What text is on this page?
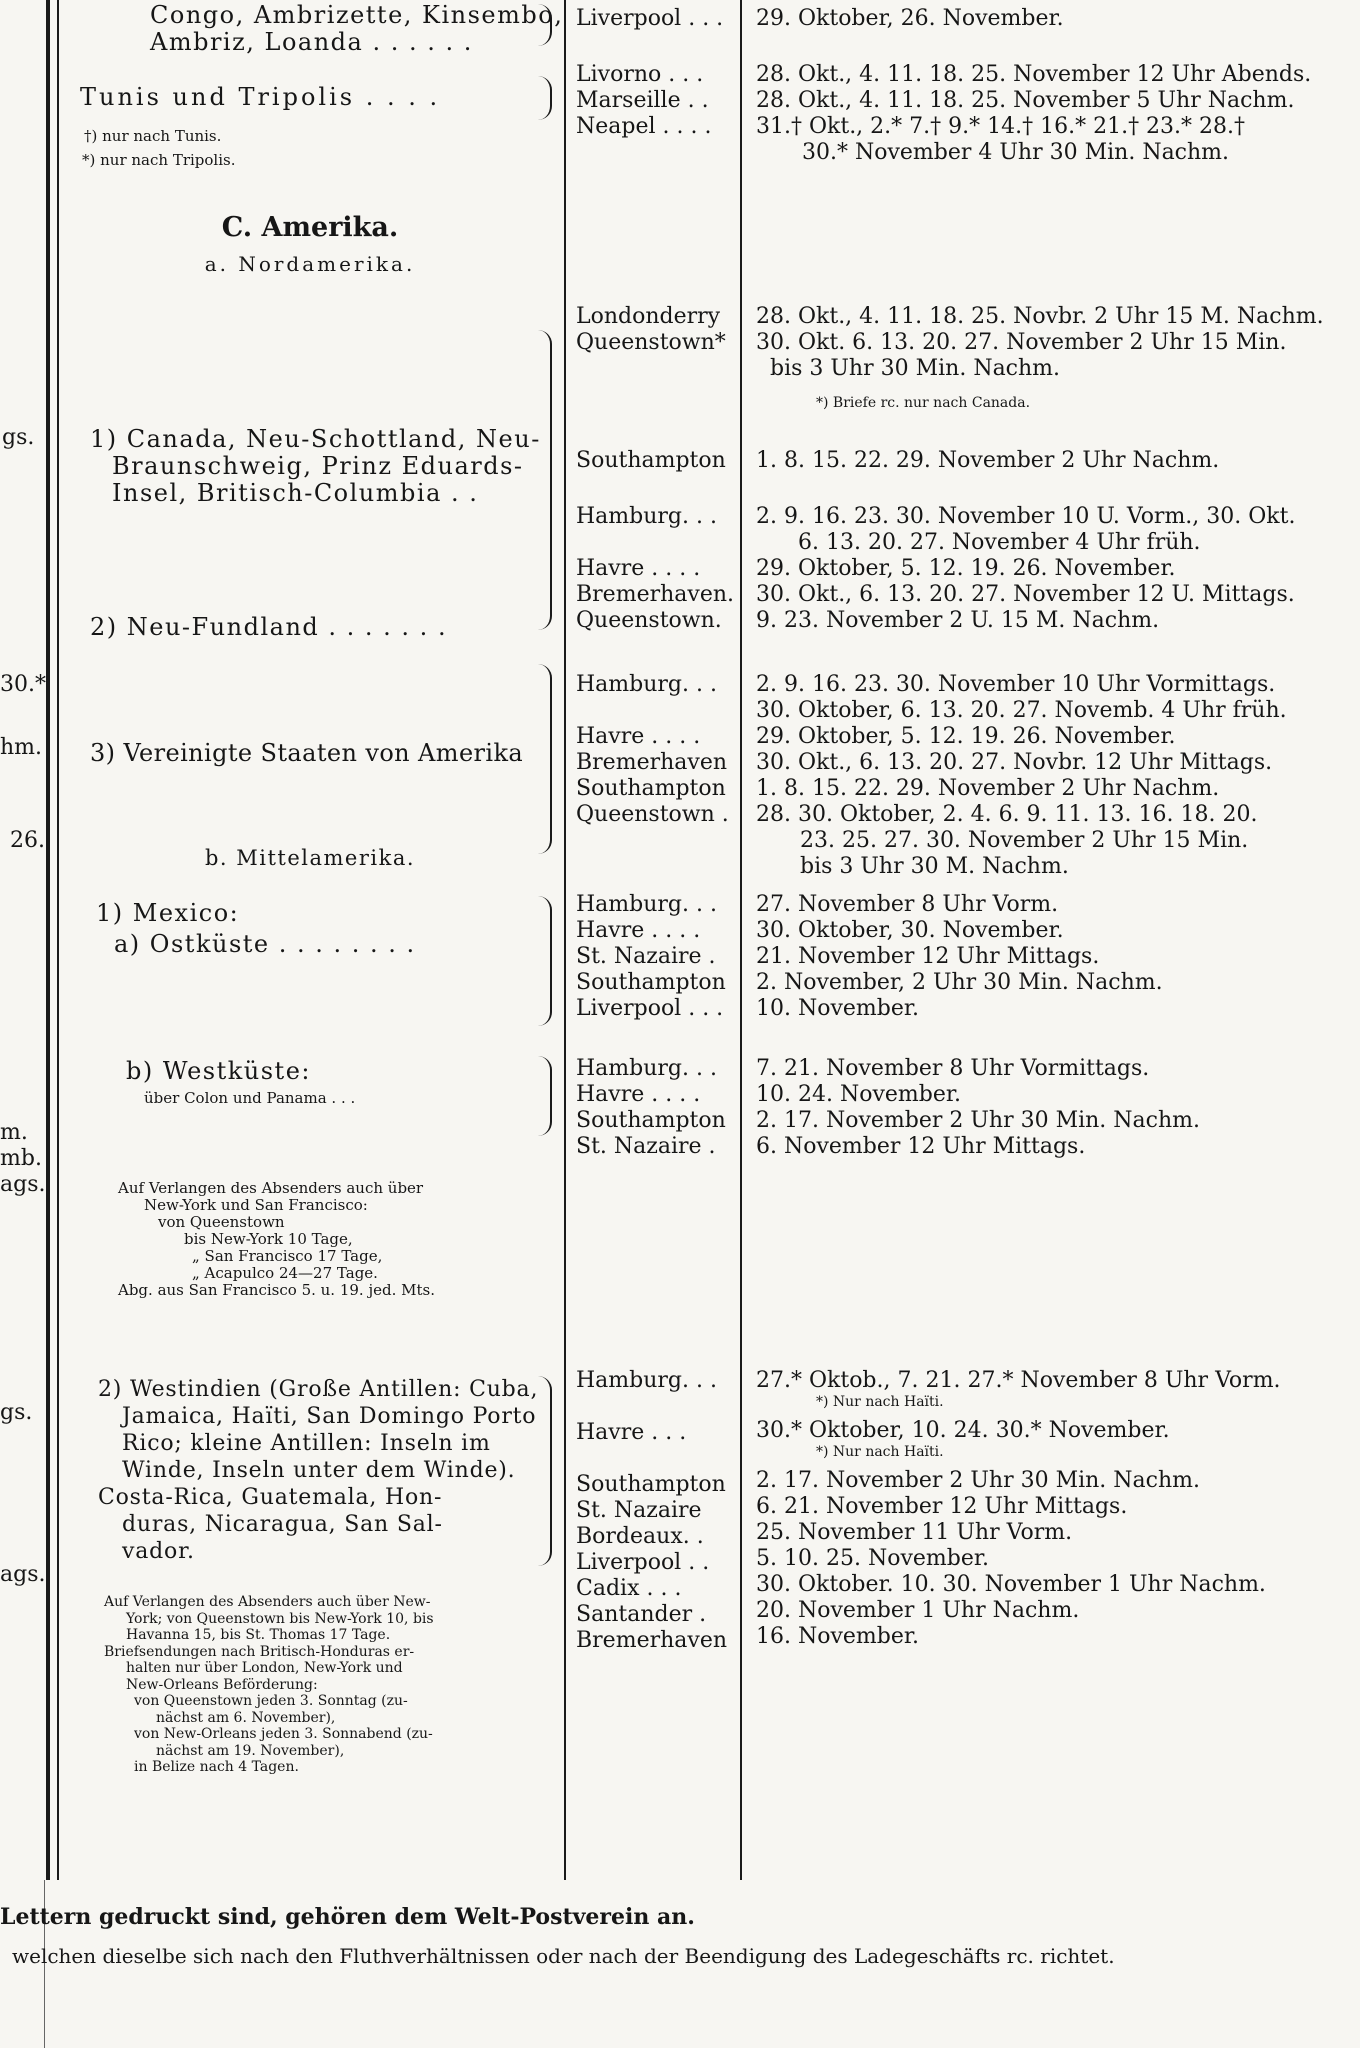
gs.
30.*
hm.
26.
m.
mb.
ags.
gs.
ags.
Congo, Ambrizette, Kinsembo,
Ambriz, Loanda . . . . . .
Liverpool . . . 29. Oktober, 26. November.
Tunis und Tripolis . . . .
†) nur nach Tunis.
*) nur nach Tripolis.
Livorno . . .
Marseille . .
Neapel . . . .
28. Okt., 4. 11. 18. 25. November 12 Uhr Abends.
28. Okt., 4. 11. 18. 25. November 5 Uhr Nachm.
31.† Okt., 2.* 7.† 9.* 14.† 16.* 21.† 23.* 28.†
30.* November 4 Uhr 30 Min. Nachm.
C. Amerika.
a. Nordamerika.
Londonderry
Queenstown*
28. Okt., 4. 11. 18. 25. Novbr. 2 Uhr 15 M. Nachm.
30. Okt. 6. 13. 20. 27. November 2 Uhr 15 Min.
bis 3 Uhr 30 Min. Nachm.
*) Briefe rc. nur nach Canada.
1) Canada, Neu-Schottland, Neu-
Braunschweig, Prinz Eduards-
Insel, Britisch-Columbia . .
Southampton 1. 8. 15. 22. 29. November 2 Uhr Nachm.
Hamburg. . .
Havre . . . .
Bremerhaven.
Queenstown.
2. 9. 16. 23. 30. November 10 U. Vorm., 30. Okt.
6. 13. 20. 27. November 4 Uhr früh.
29. Oktober, 5. 12. 19. 26. November.
30. Okt., 6. 13. 20. 27. November 12 U. Mittags.
9. 23. November 2 U. 15 M. Nachm.
2) Neu-Fundland . . . . . . .
3) Vereinigte Staaten von Amerika
Hamburg. . .
Havre . . . .
Bremerhaven
Southampton
Queenstown .
2. 9. 16. 23. 30. November 10 Uhr Vormittags.
30. Oktober, 6. 13. 20. 27. Novemb. 4 Uhr früh.
29. Oktober, 5. 12. 19. 26. November.
30. Okt., 6. 13. 20. 27. Novbr. 12 Uhr Mittags.
1. 8. 15. 22. 29. November 2 Uhr Nachm.
28. 30. Oktober, 2. 4. 6. 9. 11. 13. 16. 18. 20.
23. 25. 27. 30. November 2 Uhr 15 Min.
bis 3 Uhr 30 M. Nachm.
b. Mittelamerika.
1) Mexico:
a) Ostküste . . . . . . . .
Hamburg. . .
Havre . . . .
St. Nazaire .
Southampton
Liverpool . . .
27. November 8 Uhr Vorm.
30. Oktober, 30. November.
21. November 12 Uhr Mittags.
2. November, 2 Uhr 30 Min. Nachm.
10. November.
b) Westküste:
über Colon und Panama . . .
Hamburg. . .
Havre . . . .
Southampton
St. Nazaire .
7. 21. November 8 Uhr Vormittags.
10. 24. November.
2. 17. November 2 Uhr 30 Min. Nachm.
6. November 12 Uhr Mittags.
Auf Verlangen des Absenders auch über
New-York und San Francisco:
von Queenstown
bis New-York 10 Tage,
„ San Francisco 17 Tage,
„ Acapulco 24—27 Tage.
Abg. aus San Francisco 5. u. 19. jed. Mts.
2) Westindien (Große Antillen: Cuba,
Jamaica, Haïti, San Domingo Porto
Rico; kleine Antillen: Inseln im
Winde, Inseln unter dem Winde).
Costa-Rica, Guatemala, Hon-
duras, Nicaragua, San Sal-
vador.
Hamburg. . .
Havre . . .
Southampton
St. Nazaire
Bordeaux. .
Liverpool . .
Cadix . . .
Santander .
Bremerhaven
27.* Oktob., 7. 21. 27.* November 8 Uhr Vorm.
*) Nur nach Haïti.
30.* Oktober, 10. 24. 30.* November.
*) Nur nach Haïti.
2. 17. November 2 Uhr 30 Min. Nachm.
6. 21. November 12 Uhr Mittags.
25. November 11 Uhr Vorm.
5. 10. 25. November.
30. Oktober. 10. 30. November 1 Uhr Nachm.
20. November 1 Uhr Nachm.
16. November.
Auf Verlangen des Absenders auch über New-
York; von Queenstown bis New-York 10, bis
Havanna 15, bis St. Thomas 17 Tage.
Briefsendungen nach Britisch-Honduras er-
halten nur über London, New-York und
New-Orleans Beförderung:
von Queenstown jeden 3. Sonntag (zu-
nächst am 6. November),
von New-Orleans jeden 3. Sonnabend (zu-
nächst am 19. November),
in Belize nach 4 Tagen.
Lettern gedruckt sind, gehören dem Welt-Postverein an.
welchen dieselbe sich nach den Fluthverhältnissen oder nach der Beendigung des Ladegeschäfts rc. richtet.
